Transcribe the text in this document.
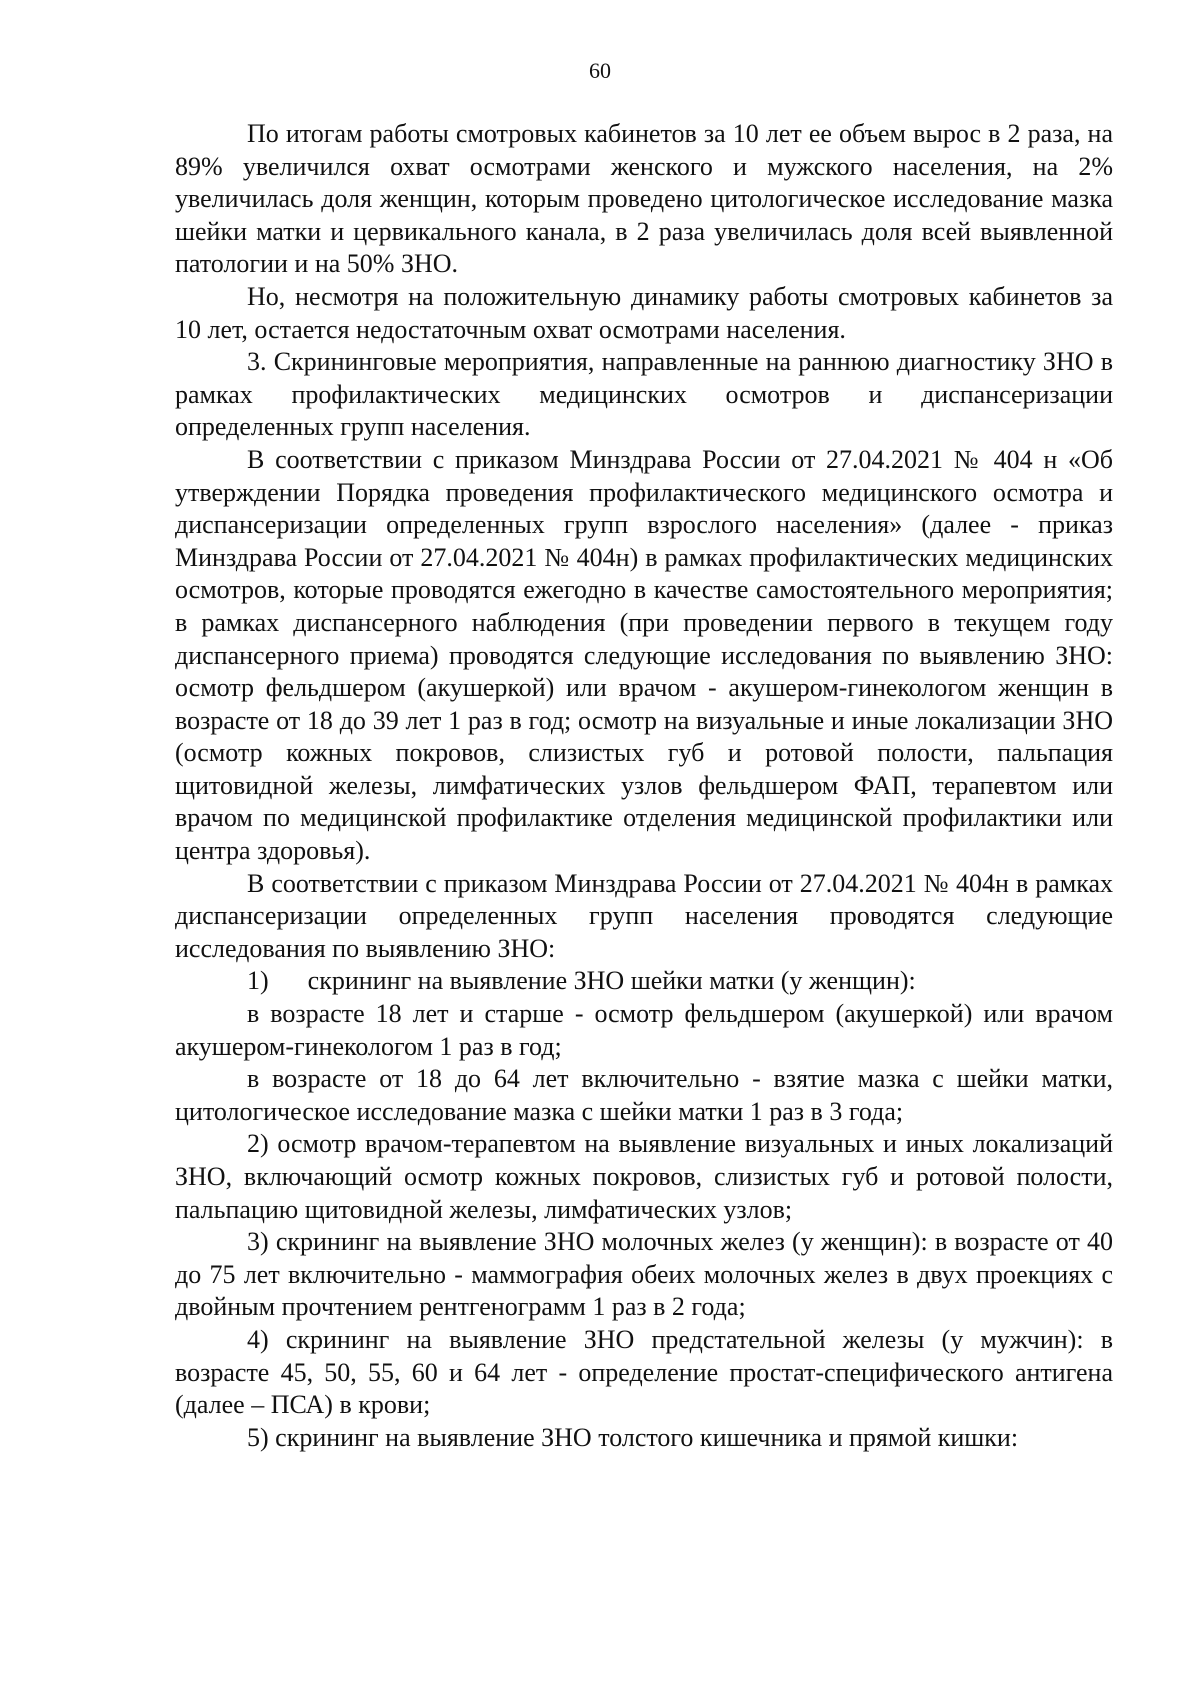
60

По итогам работы смотровых кабинетов за 10 лет ее объем вырос в 2 раза, на 89% увеличился охват осмотрами женского и мужского населения, на 2% увеличилась доля женщин, которым проведено цитологическое исследование мазка шейки матки и цервикального канала, в 2 раза увеличилась доля всей выявленной патологии и на 50% ЗНО.

Но, несмотря на положительную динамику работы смотровых кабинетов за 10 лет, остается недостаточным охват осмотрами населения.

3. Скрининговые мероприятия, направленные на раннюю диагностику ЗНО в рамках профилактических медицинских осмотров и диспансеризации определенных групп населения.

В соответствии с приказом Минздрава России от 27.04.2021 № 404 н «Об утверждении Порядка проведения профилактического медицинского осмотра и диспансеризации определенных групп взрослого населения» (далее - приказ Минздрава России от 27.04.2021 № 404н) в рамках профилактических медицинских осмотров, которые проводятся ежегодно в качестве самостоятельного мероприятия; в рамках диспансерного наблюдения (при проведении первого в текущем году диспансерного приема) проводятся следующие исследования по выявлению ЗНО: осмотр фельдшером (акушеркой) или врачом - акушером-гинекологом женщин в возрасте от 18 до 39 лет 1 раз в год; осмотр на визуальные и иные локализации ЗНО (осмотр кожных покровов, слизистых губ и ротовой полости, пальпация щитовидной железы, лимфатических узлов фельдшером ФАП, терапевтом или врачом по медицинской профилактике отделения медицинской профилактики или центра здоровья).

В соответствии с приказом Минздрава России от 27.04.2021 № 404н в рамках диспансеризации определенных групп населения проводятся следующие исследования по выявлению ЗНО:

1)      скрининг на выявление ЗНО шейки матки (у женщин):

в возрасте 18 лет и старше - осмотр фельдшером (акушеркой) или врачом акушером-гинекологом 1 раз в год;

в возрасте от 18 до 64 лет включительно - взятие мазка с шейки матки, цитологическое исследование мазка с шейки матки 1 раз в 3 года;

2) осмотр врачом-терапевтом на выявление визуальных и иных локализаций ЗНО, включающий осмотр кожных покровов, слизистых губ и ротовой полости, пальпацию щитовидной железы, лимфатических узлов;

3) скрининг на выявление ЗНО молочных желез (у женщин): в возрасте от 40 до 75 лет включительно - маммография обеих молочных желез в двух проекциях с двойным прочтением рентгенограмм 1 раз в 2 года;

4) скрининг на выявление ЗНО предстательной железы (у мужчин): в возрасте 45, 50, 55, 60 и 64 лет - определение простат-специфического антигена (далее – ПСА) в крови;

5) скрининг на выявление ЗНО толстого кишечника и прямой кишки:
